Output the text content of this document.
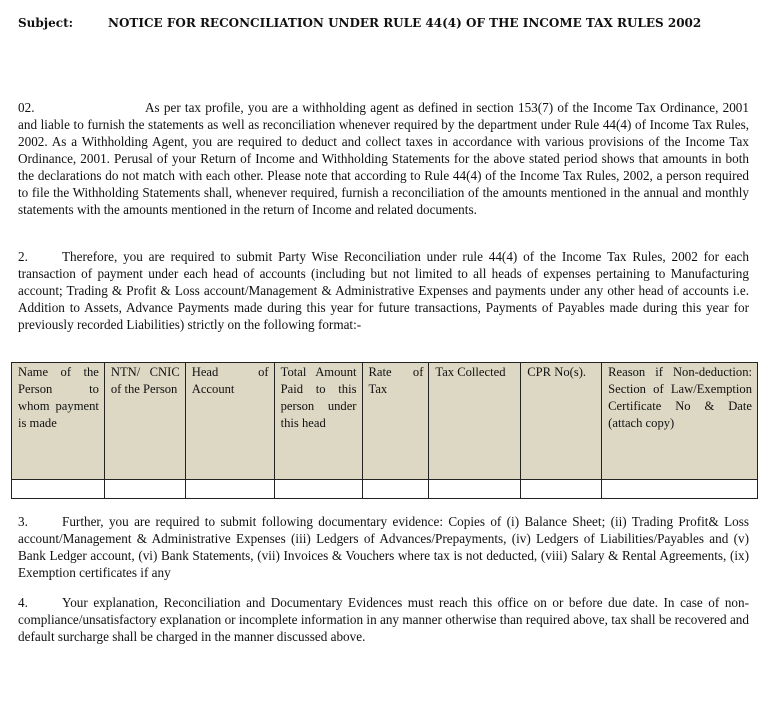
Subject:	NOTICE FOR RECONCILIATION UNDER RULE 44(4) OF THE INCOME TAX RULES 2002

02.	As per tax profile, you are a withholding agent as defined in section 153(7) of the Income Tax Ordinance, 2001 and liable to furnish the statements as well as reconciliation whenever required by the department under Rule 44(4) of Income Tax Rules, 2002. As a Withholding Agent, you are required to deduct and collect taxes in accordance with various provisions of the Income Tax Ordinance, 2001. Perusal of your Return of Income and Withholding Statements for the above stated period shows that amounts in both the declarations do not match with each other. Please note that according to Rule 44(4) of the Income Tax Rules, 2002, a person required to file the Withholding Statements shall, whenever required, furnish a reconciliation of the amounts mentioned in the annual and monthly statements with the amounts mentioned in the return of Income and related documents.

2.	Therefore, you are required to submit Party Wise Reconciliation under rule 44(4) of the Income Tax Rules, 2002 for each transaction of payment under each head of accounts (including but not limited to all heads of expenses pertaining to Manufacturing account; Trading & Profit & Loss account/Management & Administrative Expenses and payments under any other head of accounts i.e. Addition to Assets, Advance Payments made during this year for future transactions, Payments of Payables made during this year for previously recorded Liabilities) strictly on the following format:-

Name of the Person to whom payment is made	NTN/ CNIC of the Person	Head of Account	Total Amount Paid to this person under this head	Rate of Tax	Tax Collected	CPR No(s).	Reason if Non-deduction: Section of Law/Exemption Certificate No & Date (attach copy)

3.	Further, you are required to submit following documentary evidence: Copies of (i) Balance Sheet; (ii) Trading Profit& Loss account/Management & Administrative Expenses (iii) Ledgers of Advances/Prepayments, (iv) Ledgers of Liabilities/Payables and (v) Bank Ledger account, (vi) Bank Statements, (vii) Invoices & Vouchers where tax is not deducted, (viii) Salary & Rental Agreements, (ix) Exemption certificates if any

4.	Your explanation, Reconciliation and Documentary Evidences must reach this office on or before due date. In case of non-compliance/unsatisfactory explanation or incomplete information in any manner otherwise than required above, tax shall be recovered and default surcharge shall be charged in the manner discussed above.
